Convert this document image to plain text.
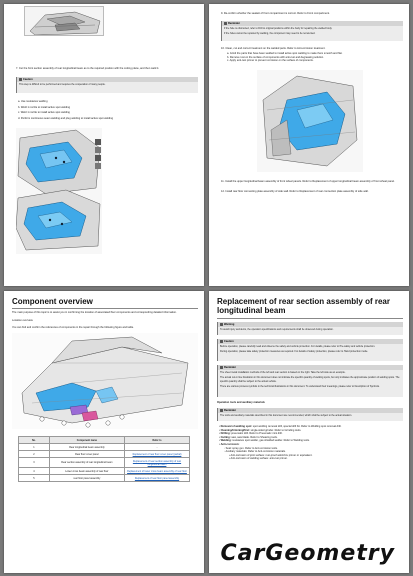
7. Cut the front section assembly of rear longitudinal beam as to the required position with the cutting plane, and then weld it.
Caution
This step is difficult to be performed and requires the cooperation of many people.
a. Use resistance welding
b. Weld 1 nozzle to install active spot welding
c. Weld 1 nozzle to install active spot welding
d. Perform continuous seam welding and plug welding to install active spot welding
9. Re-confirm whether the sealant of front compartment is correct. Refer to Front compartment.
Reminder
If the hole is obstructed, refer to Drill to original positions within the body for repairing the welded body.
If the holes cannot be repaired by welding, the component may need to be remounted.
10. Clean, cut and correct treatment on the welded parts. Refer to Anti-corrosion treatment.
a. Grind the parts that have been welded to install active spot welding to make them smooth and flat.
b. Remove rust on the surface of components with anti-rust and degreasing solution.
c. Apply anti-rust primer to prevent corrosion on the surface of components.
11. Install the upper longitudinal beam assembly of front wheel panels. Refer to Replacement of upper longitudinal beam assembly of front wheel panel.
12. Install rear floor connecting plate assembly of side wall. Refer to Replacement of rear connection plate assembly of side wall.
Component overview
The main purpose of this topic is to assist you in confirming the location of associated floor components and corresponding detailed information.
Location overview
You can find and confirm the references of components in the repair through the following figure and table.
No.	Component name	Refer to
1	Rear longitudinal beam assembly	-
2	Rear floor cover panel	Replacement of rear floor cover panel (partial)
3	Rear section assembly of rear longitudinal beam	Replacement of rear section assembly of rear longitudinal beam
4	Lower cross beam assembly of rear floor	Replacement of lower cross beam assembly of rear floor
5	rear floor panel assembly	Replacement of rear floor panel assembly
Replacement of rear section assembly of rear longitudinal beam
Warning
To avoid injury accidents, the operation specifications and requirements shall be observed during operation.
Caution
Before operation, please carefully read and observe the safety and vehicle protection. For details, please refer to Pre-safety and vehicle protection.
During operation, please take safety protection measures as required. For details of safety protection, please refer to Hand protection mode.
Reminder
The sheet metal installation methods of the left and rear section is based on the right. Take the left side as an example.
The actual cut-in line illustration in this document does not indicate the specific quantity of welding spots, but only indicates the approximate position of welding spots. The specific quantity shall be subject to the actual vehicle.
There are various process symbols in the technical illustrations in this document. To understand their meanings, please refer to Description of Symbols.
Operation tools and auxiliary materials
Reminder
The tools and auxiliary materials described in this document are recommended, which shall be subject to the actual situation.
• Removal of welding spot: spot welding removal drill, special drill bit. Refer to Welding spot removal drill.
• Cleaning/trimming/first: single-sided grinder. Refer to Grinding tools.
• Drilling: pneumatic drill. Refer to Pneumatic mini drill.
• Cutting: saw, saw blade. Refer to Shearing tools.
• Welding: resistance spot welder, gas shielded welder. Refer to Welding tools.
• Anti-corrosion:
◦ Seal: spray gun. Refer to Anti-corrosion tools.
◦ Auxiliary materials: Refer to Anti-corrosion materials.
▪ Anti-corrosion of joint surface: rust-proof weld-thru primer or equivalent.
▪ Anti-corrosion of welding surface: anti-rust primer.
CarGeometry
